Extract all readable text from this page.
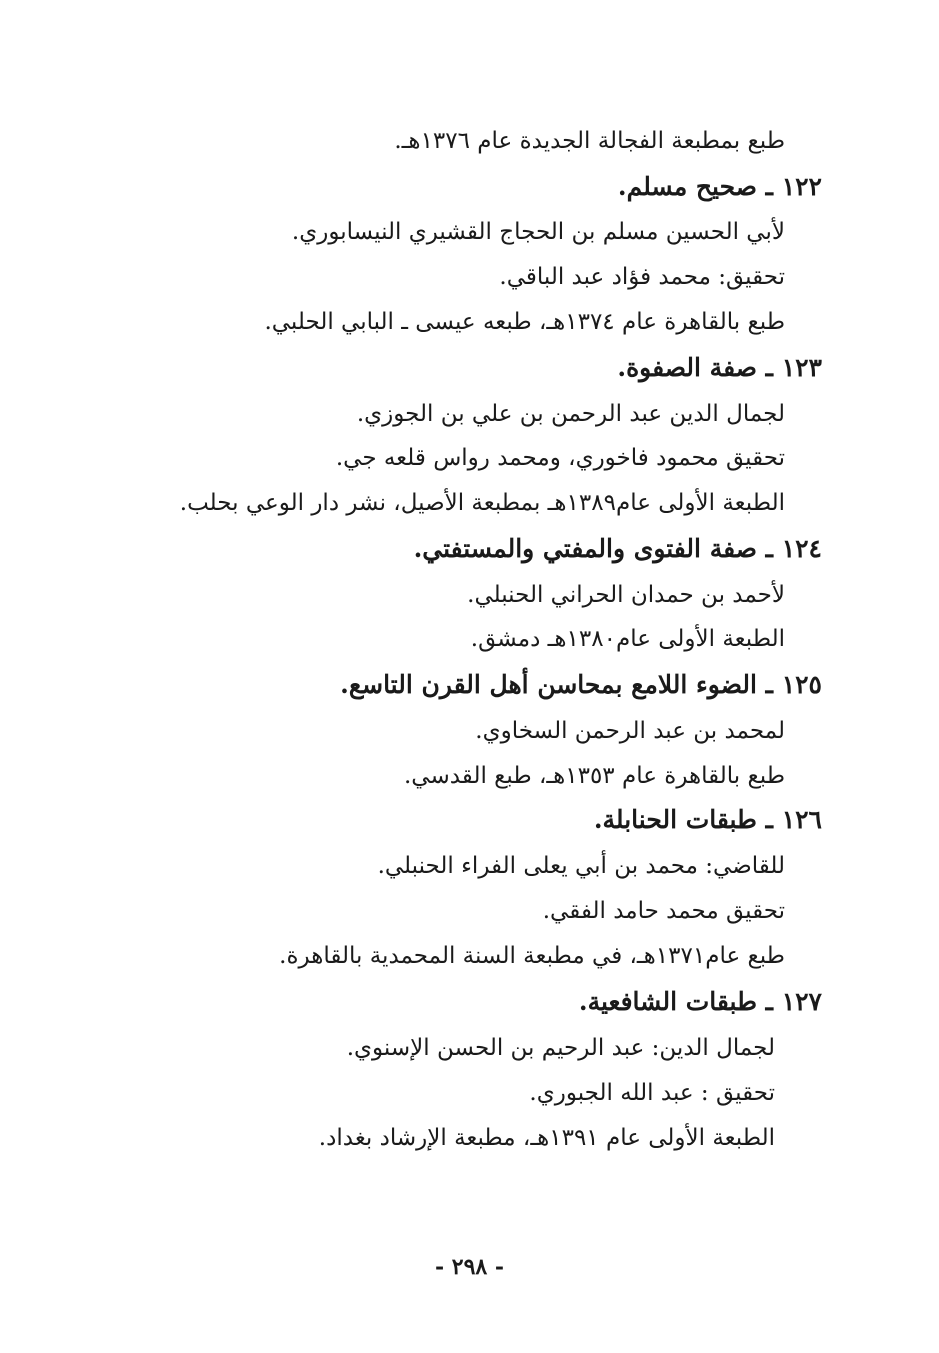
طبع بمطبعة الفجالة الجديدة عام ١٣٧٦هـ.
١٢٢ ـ صحيح مسلم.
لأبي الحسين مسلم بن الحجاج القشيري النيسابوري.
تحقيق: محمد فؤاد عبد الباقي.
طبع بالقاهرة عام ١٣٧٤هـ، طبعه عيسى ـ البابي الحلبي.
١٢٣ ـ صفة الصفوة.
لجمال الدين عبد الرحمن بن علي بن الجوزي.
تحقيق محمود فاخوري، ومحمد رواس قلعه جي.
الطبعة الأولى عام١٣٨٩هـ بمطبعة الأصيل، نشر دار الوعي بحلب.
١٢٤ ـ صفة الفتوى والمفتي والمستفتي.
لأحمد بن حمدان الحراني الحنبلي.
الطبعة الأولى عام١٣٨٠هـ دمشق.
١٢٥ ـ الضوء اللامع بمحاسن أهل القرن التاسع.
لمحمد بن عبد الرحمن السخاوي.
طبع بالقاهرة عام ١٣٥٣هـ، طبع القدسي.
١٢٦ ـ طبقات الحنابلة.
للقاضي: محمد بن أبي يعلى الفراء الحنبلي.
تحقيق محمد حامد الفقي.
طبع عام١٣٧١هـ، في مطبعة السنة المحمدية بالقاهرة.
١٢٧ ـ طبقات الشافعية.
لجمال الدين: عبد الرحيم بن الحسن الإسنوي.
تحقيق : عبد الله الجبوري.
الطبعة الأولى عام ١٣٩١هـ، مطبعة الإرشاد بغداد.
- ٢٩٨ -
